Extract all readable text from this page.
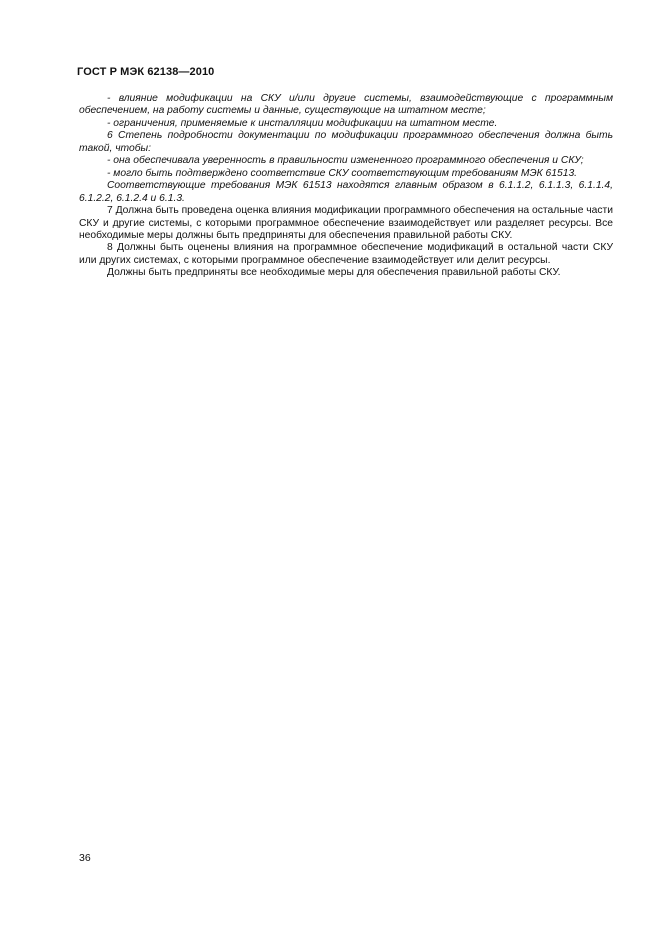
ГОСТ Р МЭК 62138—2010

- влияние модификации на СКУ и/или другие системы, взаимодействующие с программным обеспечением, на работу системы и данные, существующие на штатном месте;

- ограничения, применяемые к инсталляции модификации на штатном месте.

6 Степень подробности документации по модификации программного обеспечения должна быть такой, чтобы:

- она обеспечивала уверенность в правильности измененного программного обеспечения и СКУ;

- могло быть подтверждено соответствие СКУ соответствующим требованиям МЭК 61513.

Соответствующие требования МЭК 61513 находятся главным образом в 6.1.1.2, 6.1.1.3, 6.1.1.4, 6.1.2.2, 6.1.2.4 и 6.1.3.

7 Должна быть проведена оценка влияния модификации программного обеспечения на остальные части СКУ и другие системы, с которыми программное обеспечение взаимодействует или разделяет ресурсы. Все необходимые меры должны быть предприняты для обеспечения правильной работы СКУ.

8 Должны быть оценены влияния на программное обеспечение модификаций в остальной части СКУ или других системах, с которыми программное обеспечение взаимодействует или делит ресурсы.

Должны быть предприняты все необходимые меры для обеспечения правильной работы СКУ.

36
